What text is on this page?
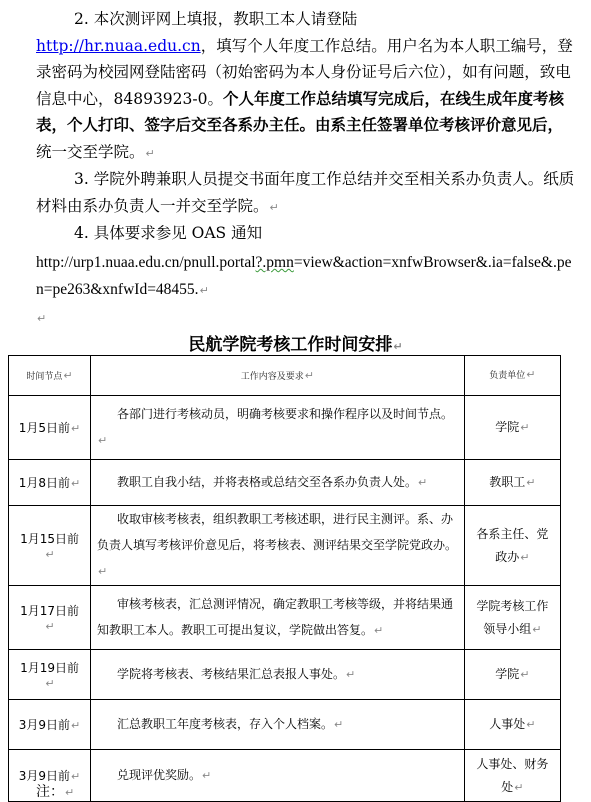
2. 本次测评网上填报，教职工本人请登陆
http://hr.nuaa.edu.cn，填写个人年度工作总结。用户名为本人职工编号，登录密码为校园网登陆密码（初始密码为本人身份证号后六位），如有问题，致电信息中心，84893923-0。个人年度工作总结填写完成后，在线生成年度考核表，个人打印、签字后交至各系办主任。由系主任签署单位考核评价意见后，统一交至学院。↵

3. 学院外聘兼职人员提交书面年度工作总结并交至相关系办负责人。纸质材料由系办负责人一并交至学院。↵

4. 具体要求参见 OAS 通知

http://urp1.nuaa.edu.cn/pnull.portal?.pmn=view&action=xnfwBrowser&.ia=false&.pen=pe263&xnfwId=48455.↵

↵
民航学院考核工作时间安排↵
时间节点↵	工作内容及要求↵	负责单位↵
1月5日前↵	各部门进行考核动员，明确考核要求和操作程序以及时间节点。↵	学院↵
1月8日前↵	教职工自我小结，并将表格或总结交至各系办负责人处。↵	教职工↵
1月15日前↵	收取审核考核表，组织教职工考核述职，进行民主测评。系、办负责人填写考核评价意见后，将考核表、测评结果交至学院党政办。↵	各系主任、党政办↵
1月17日前↵	审核考核表，汇总测评情况，确定教职工考核等级，并将结果通知教职工本人。教职工可提出复议，学院做出答复。↵	学院考核工作领导小组↵
1月19日前↵	学院将考核表、考核结果汇总表报人事处。↵	学院↵
3月9日前↵	汇总教职工年度考核表，存入个人档案。↵	人事处↵
3月9日前↵	兑现评优奖励。↵	人事处、财务处↵
注：↵
